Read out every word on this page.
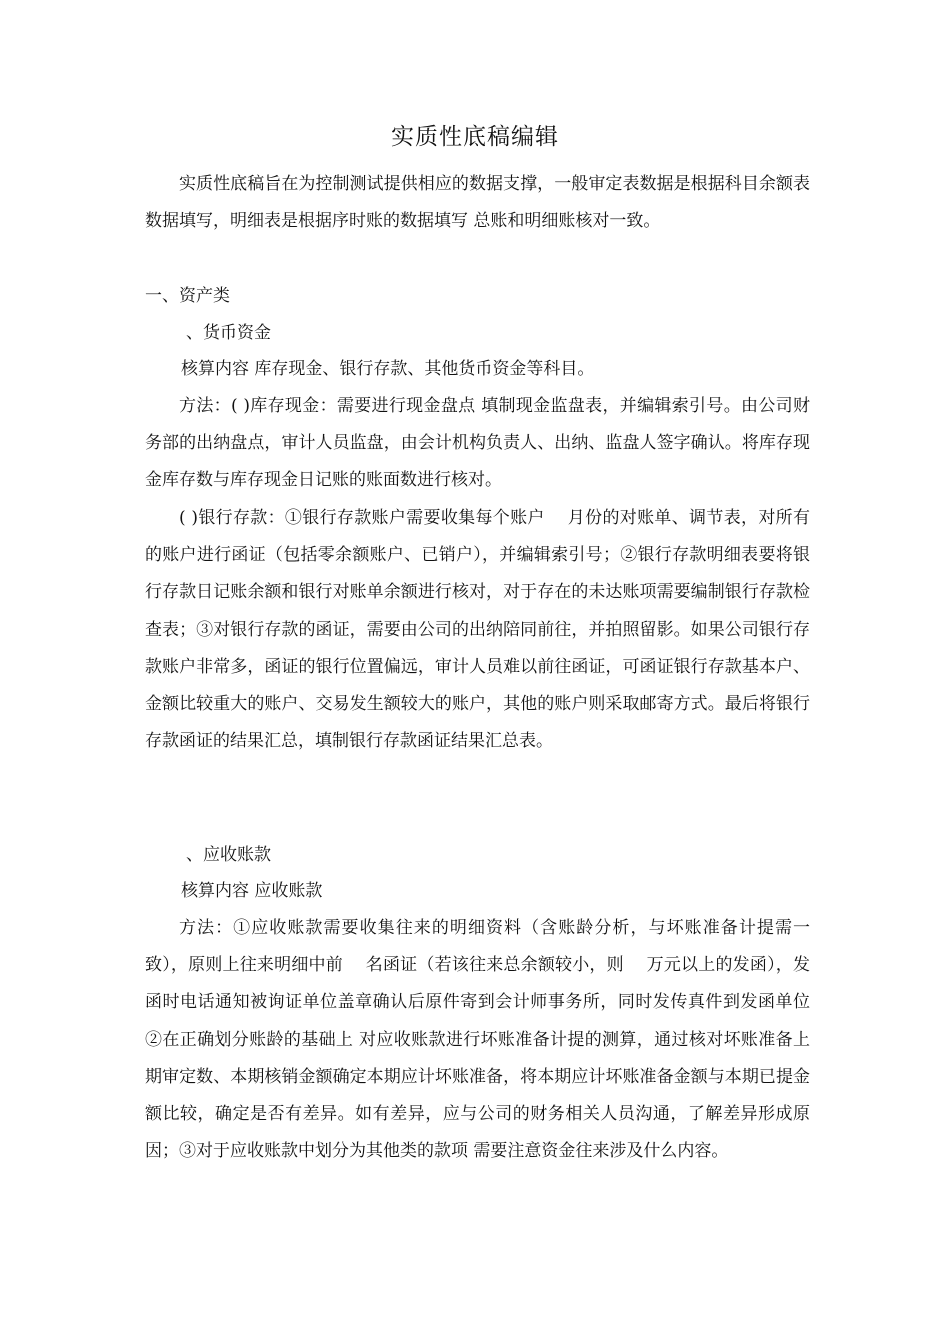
实质性底稿编辑

实质性底稿旨在为控制测试提供相应的数据支撑，一般审定表数据是根据科目余额表数据填写，明细表是根据序时账的数据填写 总账和明细账核对一致。

一、资产类
、货币资金
核算内容 库存现金、银行存款、其他货币资金等科目。

方法：( )库存现金：需要进行现金盘点 填制现金监盘表，并编辑索引号。由公司财务部的出纳盘点，审计人员监盘，由会计机构负责人、出纳、监盘人签字确认。将库存现金库存数与库存现金日记账的账面数进行核对。

( )银行存款：①银行存款账户需要收集每个账户　 月份的对账单、调节表，对所有的账户进行函证（包括零余额账户、已销户），并编辑索引号；②银行存款明细表要将银行存款日记账余额和银行对账单余额进行核对，对于存在的未达账项需要编制银行存款检查表；③对银行存款的函证，需要由公司的出纳陪同前往，并拍照留影。如果公司银行存款账户非常多，函证的银行位置偏远，审计人员难以前往函证，可函证银行存款基本户、金额比较重大的账户、交易发生额较大的账户，其他的账户则采取邮寄方式。最后将银行存款函证的结果汇总，填制银行存款函证结果汇总表。

、应收账款
核算内容 应收账款

方法：①应收账款需要收集往来的明细资料（含账龄分析，与坏账准备计提需一致），原则上往来明细中前　 名函证（若该往来总余额较小，则　 万元以上的发函），发函时电话通知被询证单位盖章确认后原件寄到会计师事务所，同时发传真件到发函单位 ②在正确划分账龄的基础上 对应收账款进行坏账准备计提的测算，通过核对坏账准备上期审定数、本期核销金额确定本期应计坏账准备，将本期应计坏账准备金额与本期已提金额比较，确定是否有差异。如有差异，应与公司的财务相关人员沟通，了解差异形成原因；③对于应收账款中划分为其他类的款项 需要注意资金往来涉及什么内容。
